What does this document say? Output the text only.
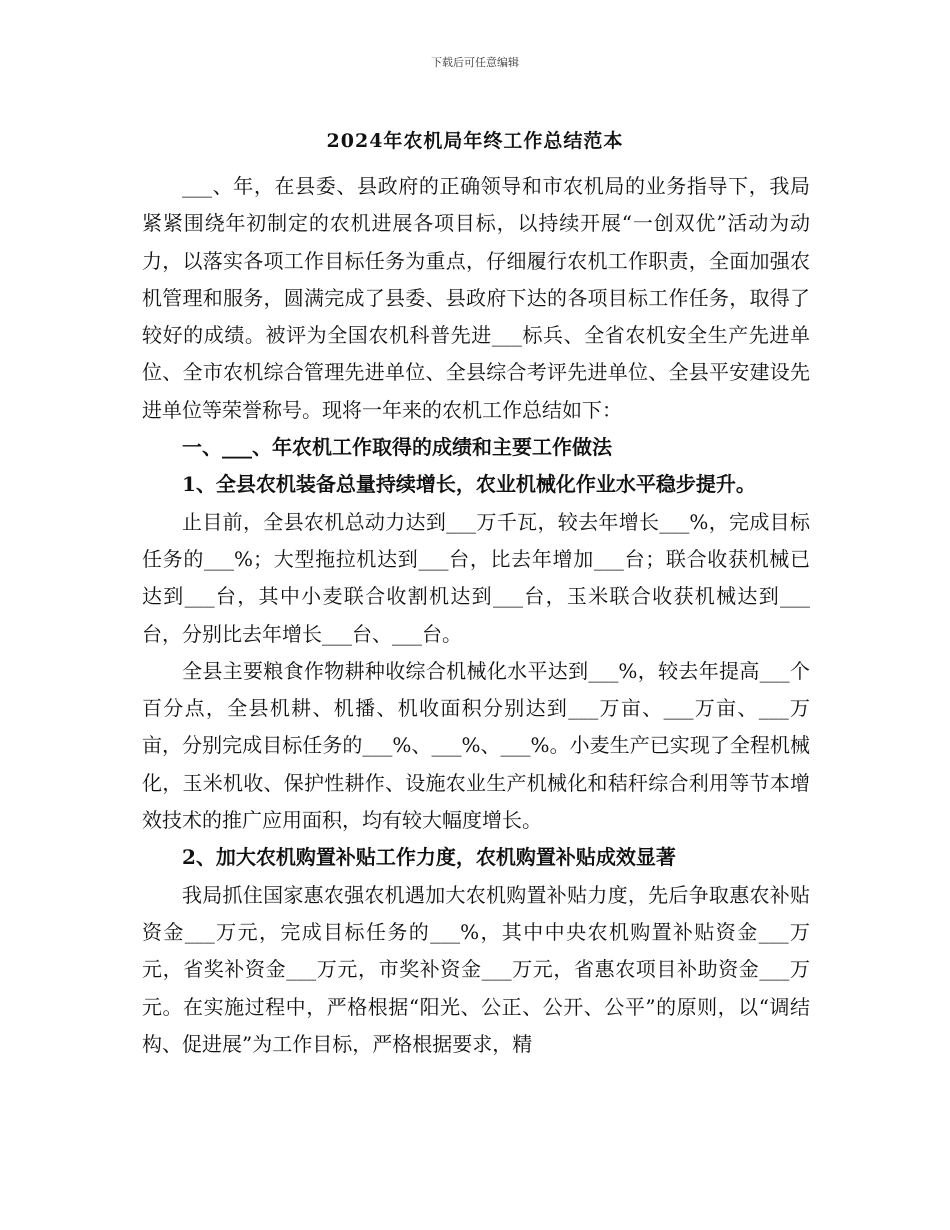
下载后可任意编辑
2024年农机局年终工作总结范本

___、年，在县委、县政府的正确领导和市农机局的业务指导下，我局紧紧围绕年初制定的农机进展各项目标，以持续开展“一创双优”活动为动力，以落实各项工作目标任务为重点，仔细履行农机工作职责，全面加强农机管理和服务，圆满完成了县委、县政府下达的各项目标工作任务，取得了较好的成绩。被评为全国农机科普先进___标兵、全省农机安全生产先进单位、全市农机综合管理先进单位、全县综合考评先进单位、全县平安建设先进单位等荣誉称号。现将一年来的农机工作总结如下：

一、___、年农机工作取得的成绩和主要工作做法

1、全县农机装备总量持续增长，农业机械化作业水平稳步提升。

止目前，全县农机总动力达到___万千瓦，较去年增长___%，完成目标任务的___%；大型拖拉机达到___台，比去年增加___台；联合收获机械已达到___台，其中小麦联合收割机达到___台，玉米联合收获机械达到___台，分别比去年增长___台、___台。

全县主要粮食作物耕种收综合机械化水平达到___%，较去年提高___个百分点，全县机耕、机播、机收面积分别达到___万亩、___万亩、___万亩，分别完成目标任务的___%、___%、___%。小麦生产已实现了全程机械化，玉米机收、保护性耕作、设施农业生产机械化和秸秆综合利用等节本增效技术的推广应用面积，均有较大幅度增长。

2、加大农机购置补贴工作力度，农机购置补贴成效显著

我局抓住国家惠农强农机遇加大农机购置补贴力度，先后争取惠农补贴资金___万元，完成目标任务的___%，其中中央农机购置补贴资金___万元，省奖补资金___万元，市奖补资金___万元，省惠农项目补助资金___万元。在实施过程中，严格根据“阳光、公正、公开、公平”的原则，以“调结构、促进展”为工作目标，严格根据要求，精
